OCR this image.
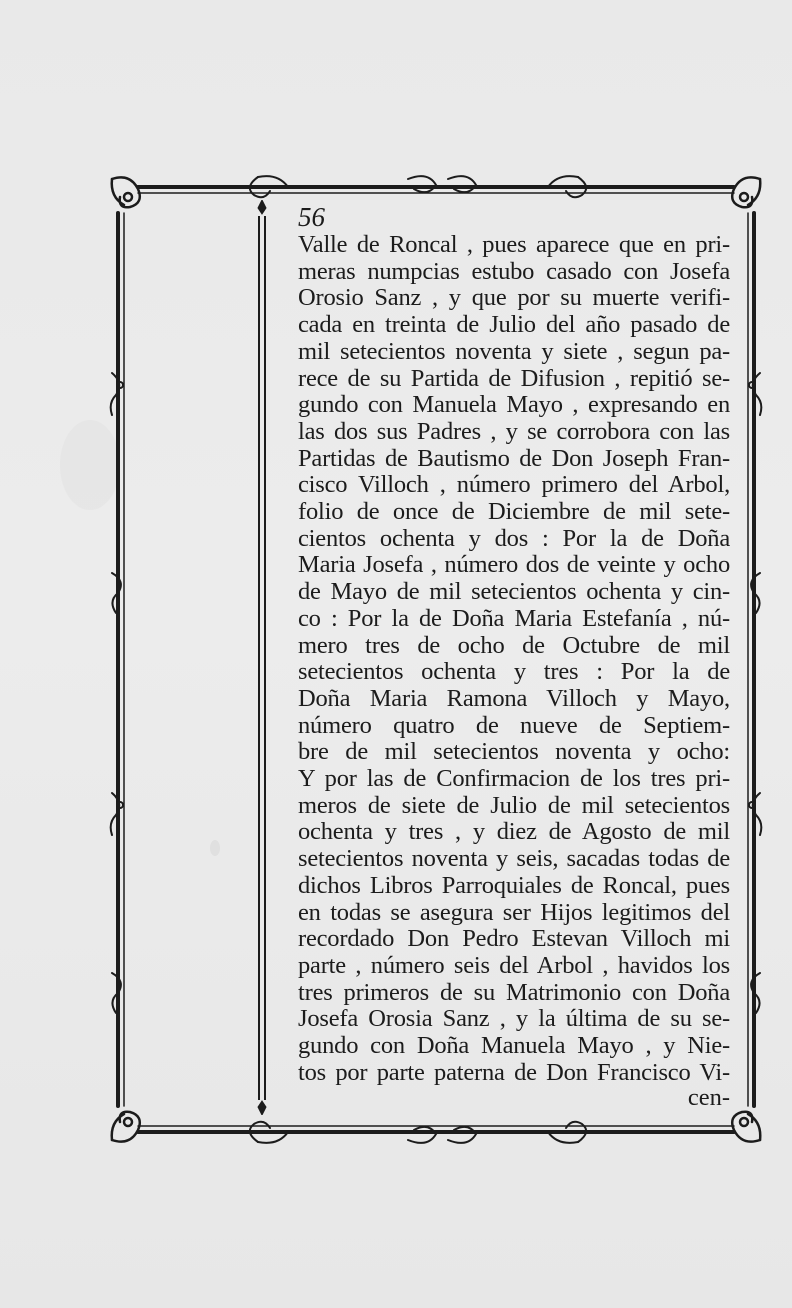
56
Valle de Roncal , pues aparece que en pri-
meras numpcias estubo casado con Josefa
Orosio Sanz , y que por su muerte verifi-
cada en treinta de Julio del año pasado de
mil setecientos noventa y siete , segun pa-
rece de su Partida de Difusion , repitió se-
gundo con Manuela Mayo , expresando en
las dos sus Padres , y se corrobora con las
Partidas de Bautismo de Don Joseph Fran-
cisco Villoch , número primero del Arbol,
folio de once de Diciembre de mil sete-
cientos ochenta y dos : Por la de Doña
Maria Josefa , número dos de veinte y ocho
de Mayo de mil setecientos ochenta y cin-
co : Por la de Doña Maria Estefanía , nú-
mero tres de ocho de Octubre de mil
setecientos ochenta y tres : Por la de
Doña Maria Ramona Villoch y Mayo,
número quatro de nueve de Septiem-
bre de mil setecientos noventa y ocho:
Y por las de Confirmacion de los tres pri-
meros de siete de Julio de mil setecientos
ochenta y tres , y diez de Agosto de mil
setecientos noventa y seis, sacadas todas de
dichos Libros Parroquiales de Roncal, pues
en todas se asegura ser Hijos legitimos del
recordado Don Pedro Estevan Villoch mi
parte , número seis del Arbol , havidos los
tres primeros de su Matrimonio con Doña
Josefa Orosia Sanz , y la última de su se-
gundo con Doña Manuela Mayo , y Nie-
tos por parte paterna de Don Francisco Vi-
cen-
